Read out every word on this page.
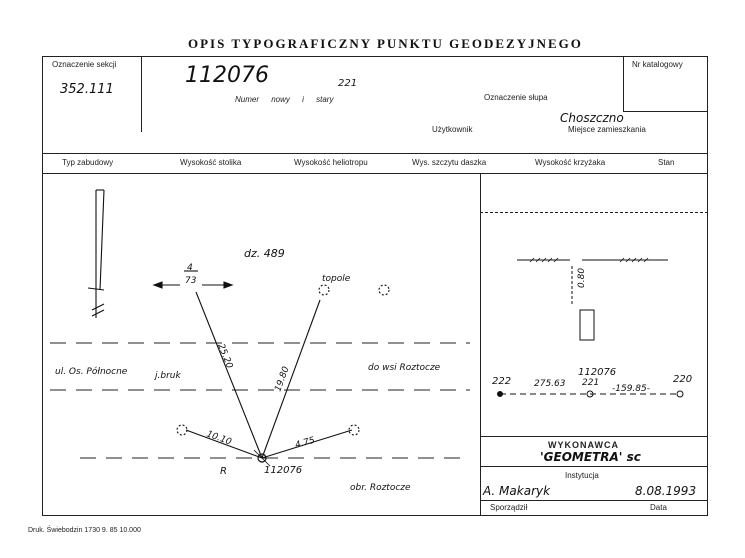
OPIS TYPOGRAFICZNY PUNKTU GEODEZYJNEGO
Oznaczenie sekcji
352.111
112076	221
Numer nowy i stary	Oznaczenie słupa
Nr katalogowy
Choszczno
Użytkownik	Miejsce zamieszkania
Typ zabudowy	Wysokość stolika	Wysokość heliotropu	Wys. szczytu daszka	Wysokość krzyżaka	Stan
dz. 489
4
73	topole
ul. Os. Północne	j.bruk
do wsi Roztocze
25.20
19.80
10.10	4.75
112076
R
obr. Roztocze
0.80
112076
221
222	275.63	-159.85-
220
WYKONAWCA
'GEOMETRA' sc
Instytucja
A. Makaryk	8.08.1993
Sporządził	Data
Druk. Świebodzin 1730 9. 85 10.000
